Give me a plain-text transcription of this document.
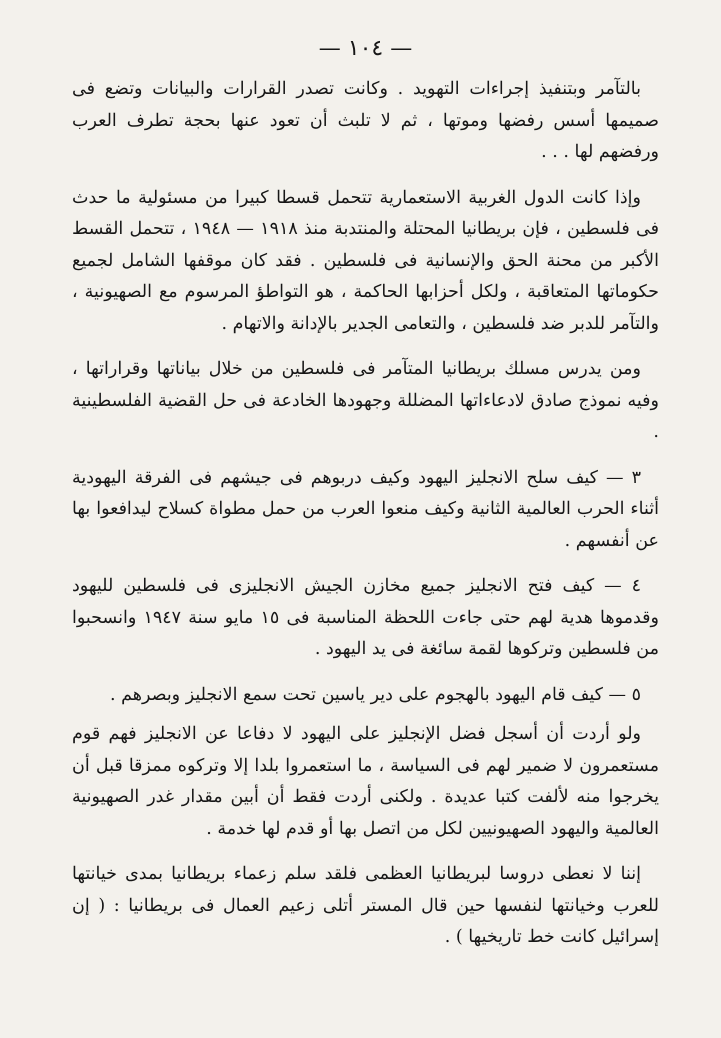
— ١٠٤ —

بالتآمر وبتنفيذ إجراءات التهويد . وكانت تصدر القرارات والبيانات وتضع فى صميمها أسس رفضها وموتها ، ثم لا تلبث أن تعود عنها بحجة تطرف العرب ورفضهم لها . . .

وإذا كانت الدول الغربية الاستعمارية تتحمل قسطا كبيرا من مسئولية ما حدث فى فلسطين ، فإن بريطانيا المحتلة والمنتدبة منذ ١٩١٨ — ١٩٤٨ ، تتحمل القسط الأكبر من محنة الحق والإنسانية فى فلسطين . فقد كان موقفها الشامل لجميع حكوماتها المتعاقبة ، ولكل أحزابها الحاكمة ، هو التواطؤ المرسوم مع الصهيونية ، والتآمر للدبر ضد فلسطين ، والتعامى الجدير بالإدانة والاتهام .

ومن يدرس مسلك بريطانيا المتآمر فى فلسطين من خلال بياناتها وقراراتها ، وفيه نموذج صادق لادعاءاتها المضللة وجهودها الخادعة فى حل القضية الفلسطينية .

٣ — كيف سلح الانجليز اليهود وكيف دربوهم فى جيشهم فى الفرقة اليهودية أثناء الحرب العالمية الثانية وكيف منعوا العرب من حمل مطواة كسلاح ليدافعوا بها عن أنفسهم .

٤ — كيف فتح الانجليز جميع مخازن الجيش الانجليزى فى فلسطين لليهود وقدموها هدية لهم حتى جاءت اللحظة المناسبة فى ١٥ مايو سنة ١٩٤٧ وانسحبوا من فلسطين وتركوها لقمة سائغة فى يد اليهود .

٥ — كيف قام اليهود بالهجوم على دير ياسين تحت سمع الانجليز وبصرهم .

ولو أردت أن أسجل فضل الإنجليز على اليهود لا دفاعا عن الانجليز فهم قوم مستعمرون لا ضمير لهم فى السياسة ، ما استعمروا بلدا إلا وتركوه ممزقا قبل أن يخرجوا منه لألفت كتبا عديدة . ولكنى أردت فقط أن أبين مقدار غدر الصهيونية العالمية واليهود الصهيونيين لكل من اتصل بها أو قدم لها خدمة .

إننا لا نعطى دروسا لبريطانيا العظمى فلقد سلم زعماء بريطانيا بمدى خيانتها للعرب وخيانتها لنفسها حين قال المستر أتلى زعيم العمال فى بريطانيا : ( إن إسرائيل كانت خط تاريخيها ) .
